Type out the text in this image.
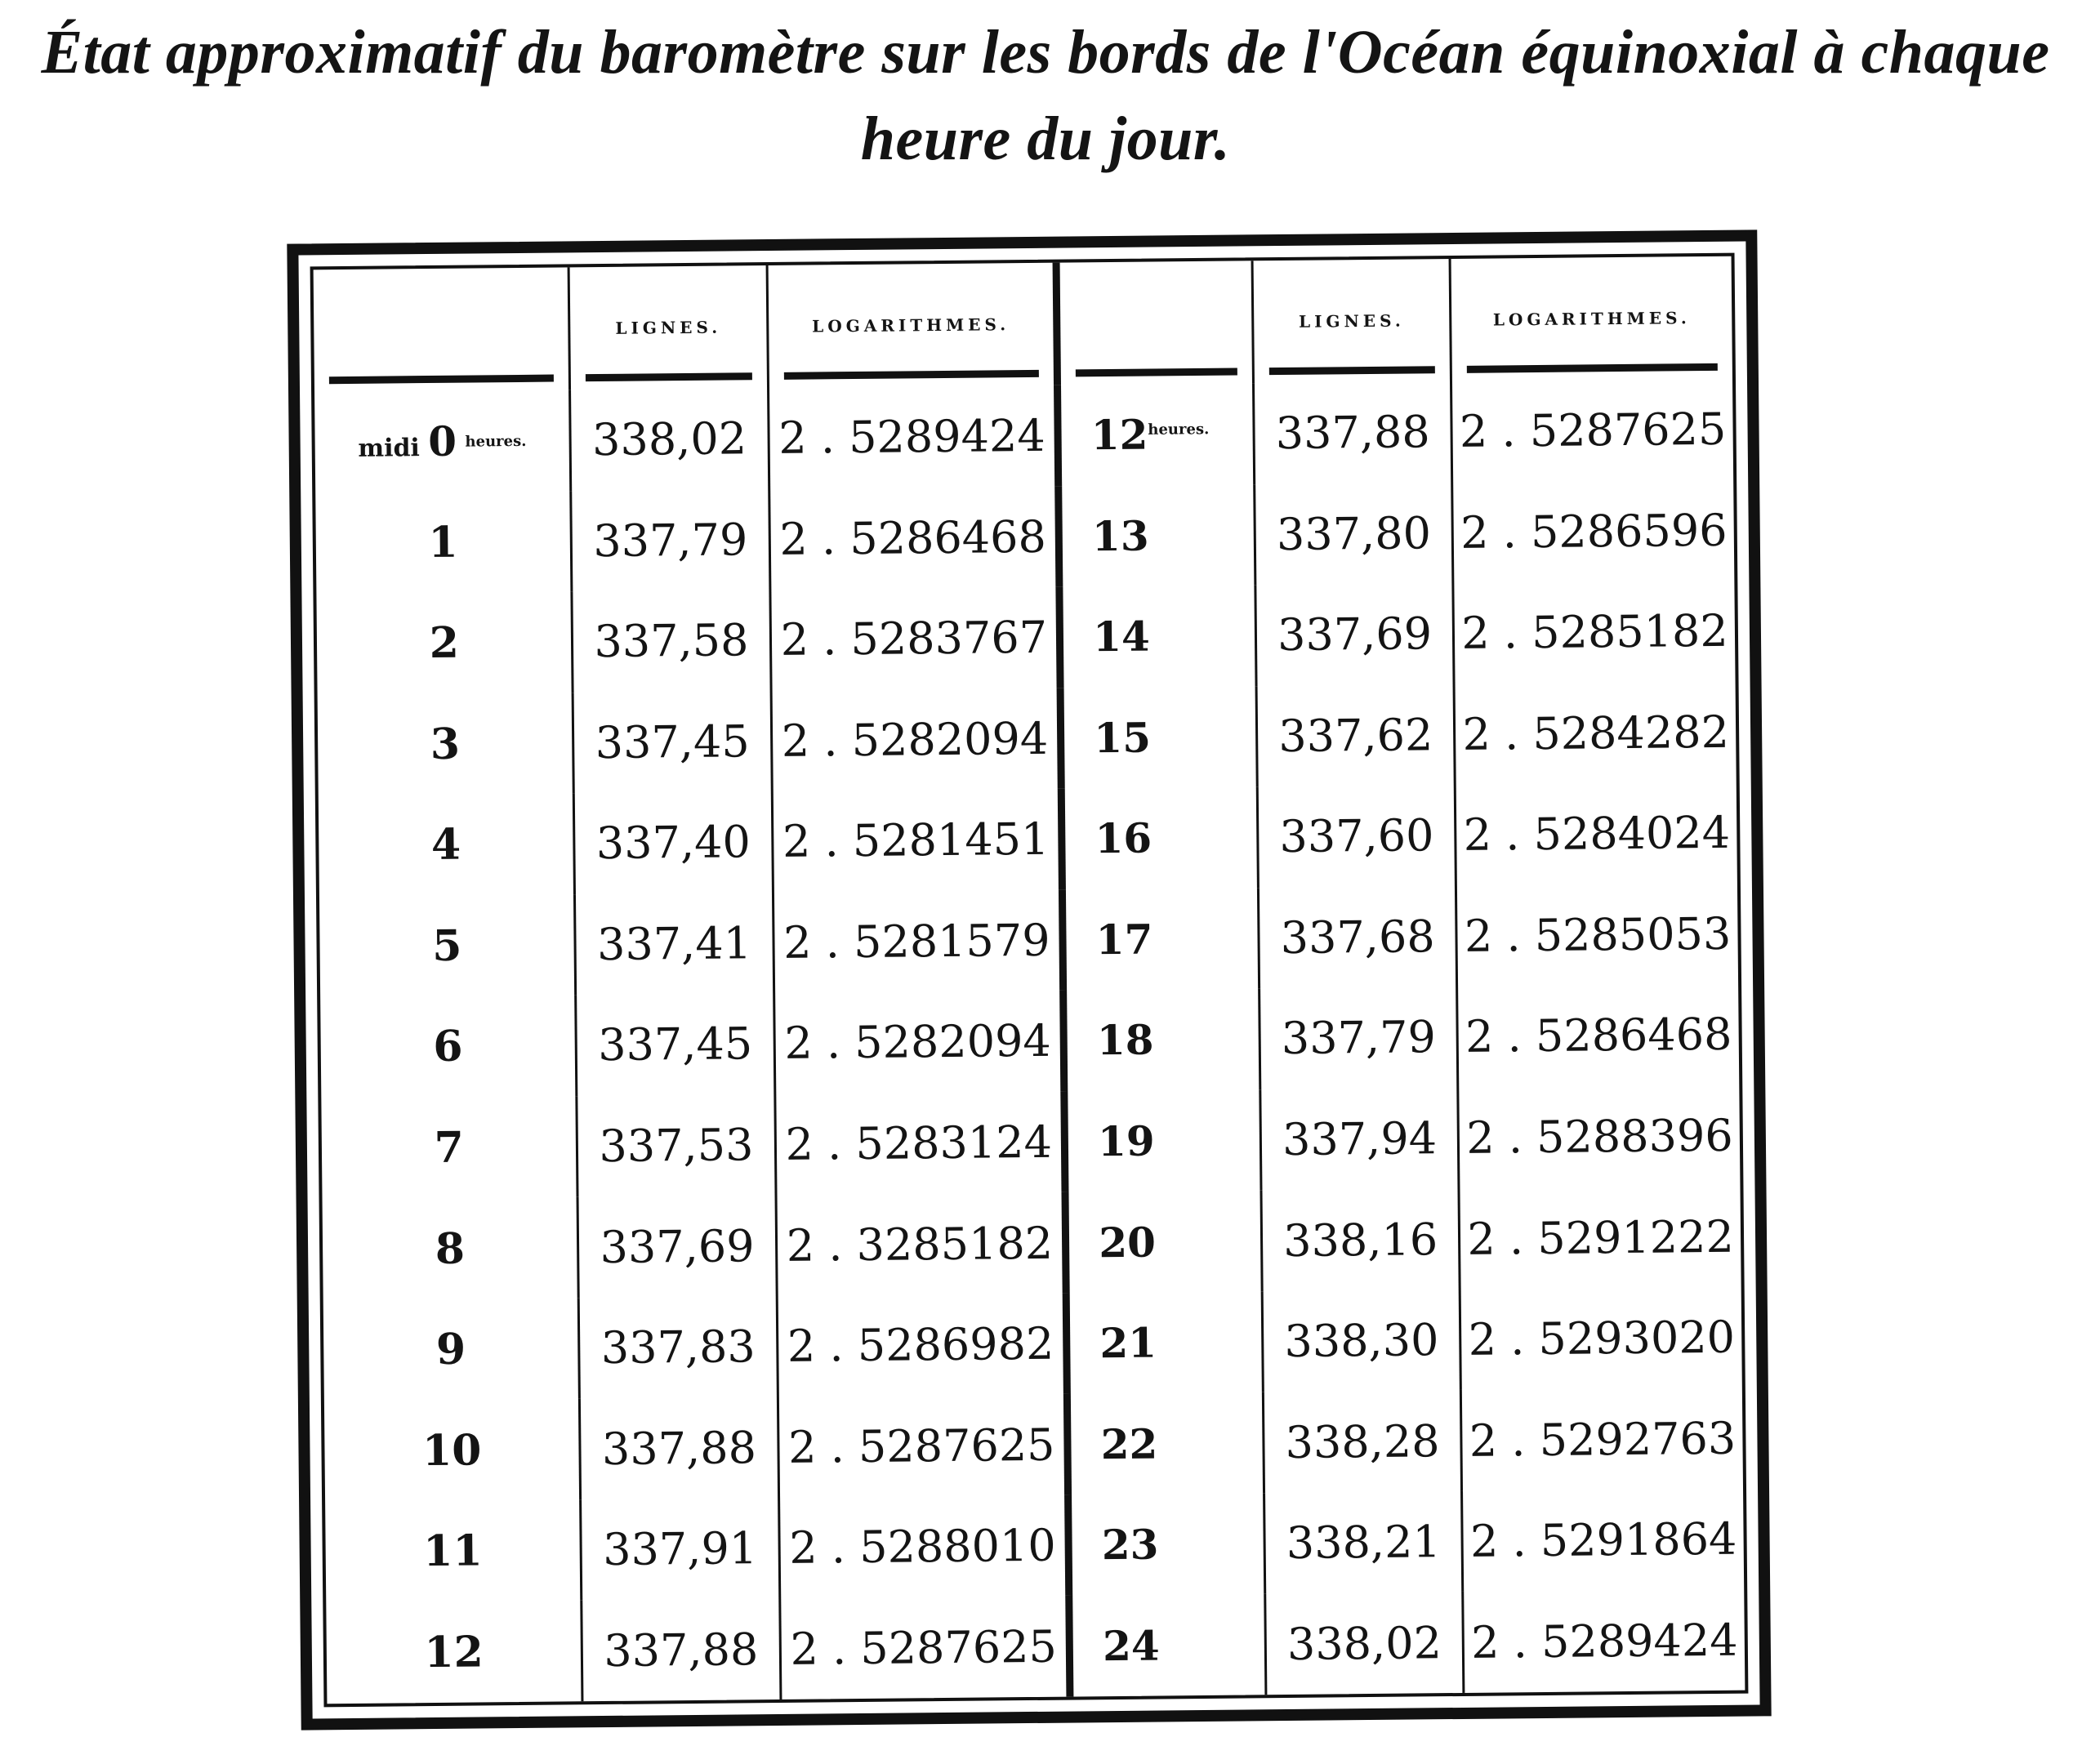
État approximatif du baromètre sur les bords de l'Océan équinoxial à chaque
heure du jour.
	LIGNES.	LOGARITHMES.		LIGNES.	LOGARITHMES.

midi 0 $^{heures.}$	338,02	2 . 5289424	$12^{heures.}$	337,88	2 . 5287625
1	337,79	2 . 5286468	13	337,80	2 . 5286596
2	337,58	2 . 5283767	14	337,69	2 . 5285182
3	337,45	2 . 5282094	15	337,62	2 . 5284282
4	337,40	2 . 5281451	16	337,60	2 . 5284024
5	337,41	2 . 5281579	17	337,68	2 . 5285053
6	337,45	2 . 5282094	18	337,79	2 . 5286468
7	337,53	2 . 5283124	19	337,94	2 . 5288396
8	337,69	2 . 3285182	20	338,16	2 . 5291222
9	337,83	2 . 5286982	21	338,30	2 . 5293020
10	337,88	2 . 5287625	22	338,28	2 . 5292763
11	337,91	2 . 5288010	23	338,21	2 . 5291864
12	337,88	2 . 5287625	24	338,02	2 . 5289424
